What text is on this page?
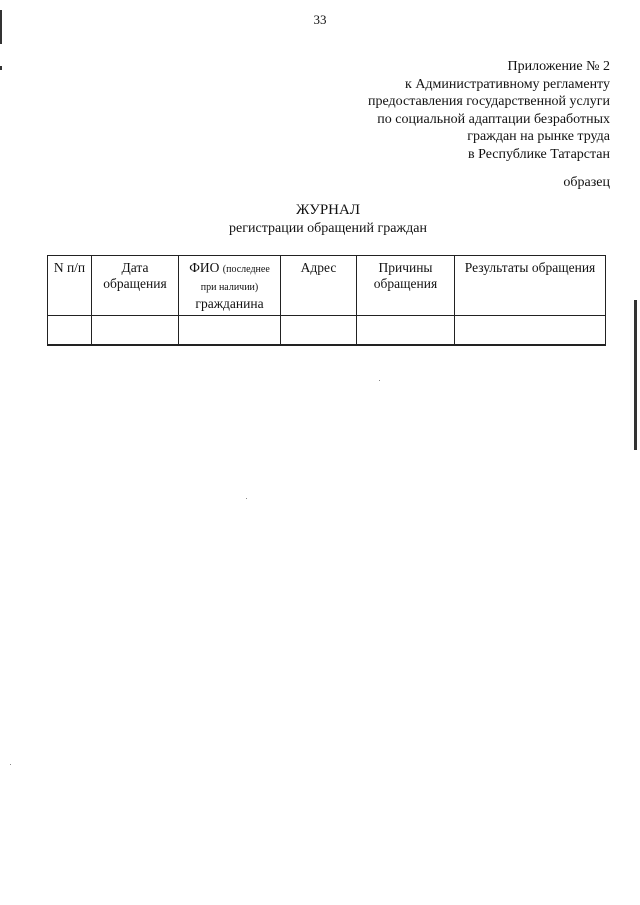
33
Приложение № 2
к Административному регламенту
предоставления государственной услуги
по социальной адаптации безработных
граждан на рынке труда
в Республике Татарстан
образец
ЖУРНАЛ
регистрации обращений граждан
N п/п	Дата обращения	ФИО (последнее при наличии) гражданина	Адрес	Причины обращения	Результаты обращения
